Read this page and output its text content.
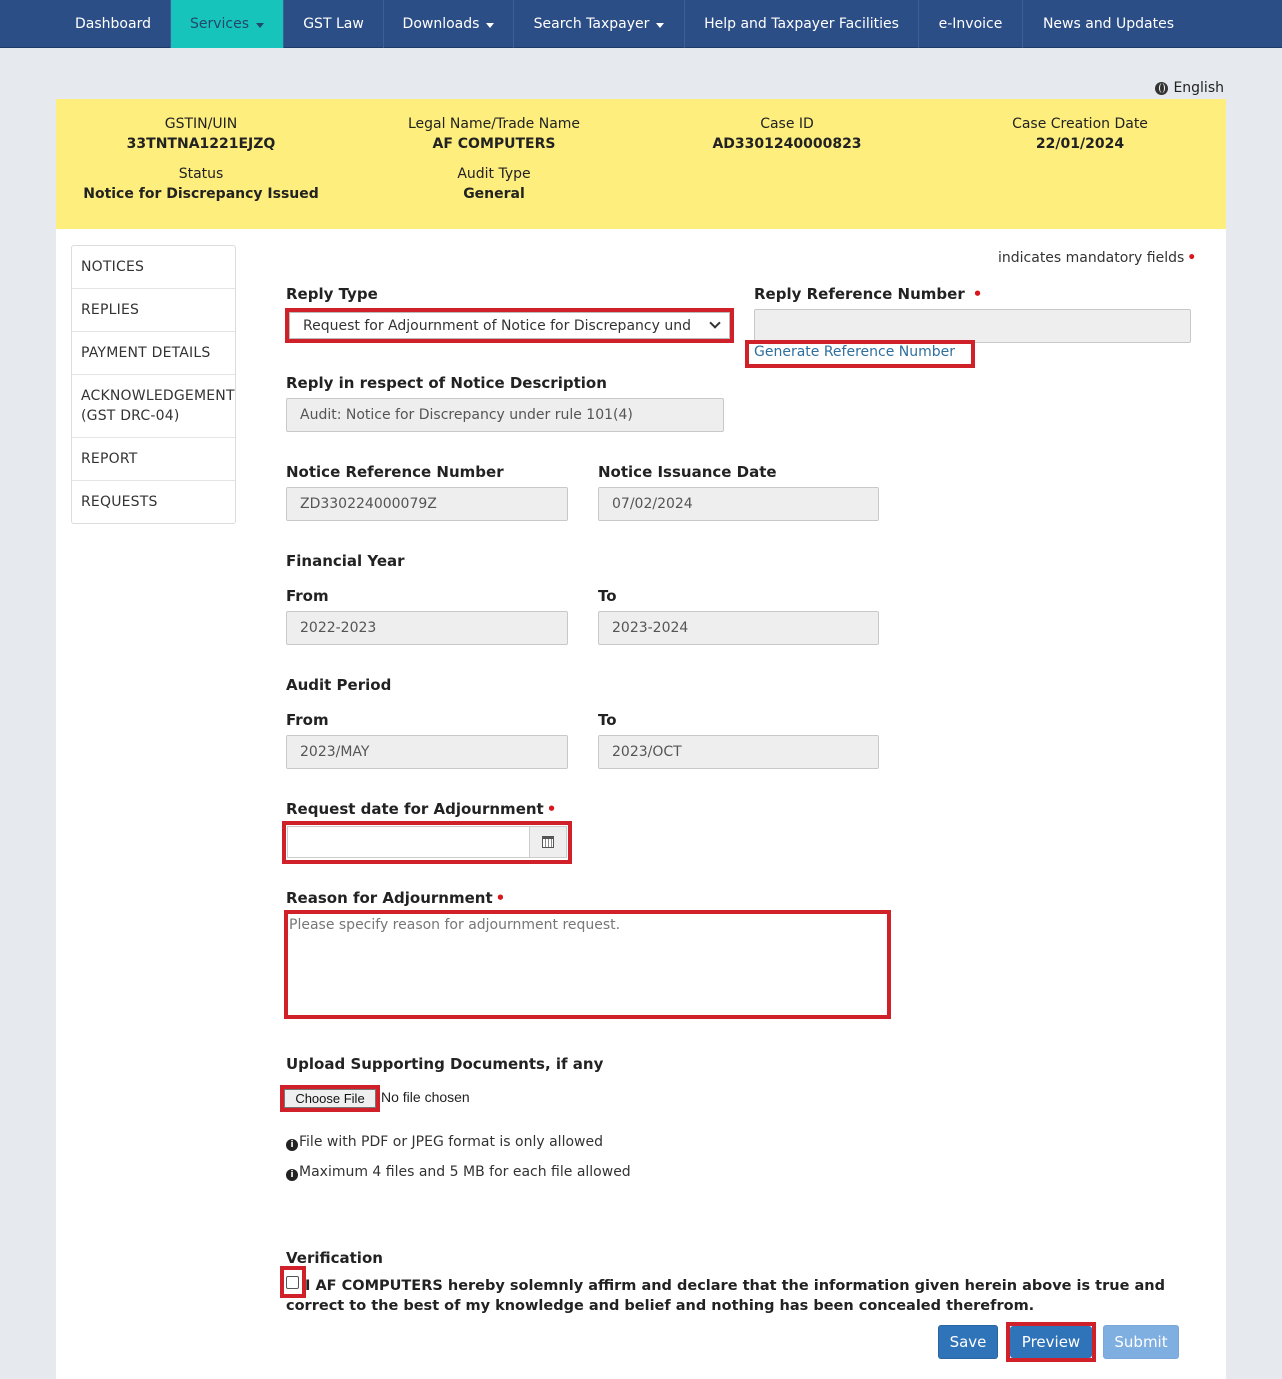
Dashboard	Services	GST Law	Downloads	Search Taxpayer	Help and Taxpayer Facilities	e-Invoice	News and Updates
English
GSTIN/UIN
33TNTNA1221EJZQ
Legal Name/Trade Name
AF COMPUTERS
Case ID
AD3301240000823
Case Creation Date
22/01/2024
Status
Notice for Discrepancy Issued
Audit Type
General
NOTICES
REPLIES
PAYMENT DETAILS
ACKNOWLEDGEMENT (GST DRC-04)
REPORT
REQUESTS
indicates mandatory fields •
Reply Type
Request for Adjournment of Notice for Discrepancy und
Reply Reference Number •
Generate Reference Number
Reply in respect of Notice Description
Audit: Notice for Discrepancy under rule 101(4)
Notice Reference Number
ZD330224000079Z
Notice Issuance Date
07/02/2024
Financial Year
From
2022-2023
To
2023-2024
Audit Period
From
2023/MAY
To
2023/OCT
Request date for Adjournment •
Reason for Adjournment •
Please specify reason for adjournment request.
Upload Supporting Documents, if any
Choose File No file chosen
i File with PDF or JPEG format is only allowed
i Maximum 4 files and 5 MB for each file allowed
Verification
I AF COMPUTERS hereby solemnly affirm and declare that the information given herein above is true and correct to the best of my knowledge and belief and nothing has been concealed therefrom.
Save Preview Submit
